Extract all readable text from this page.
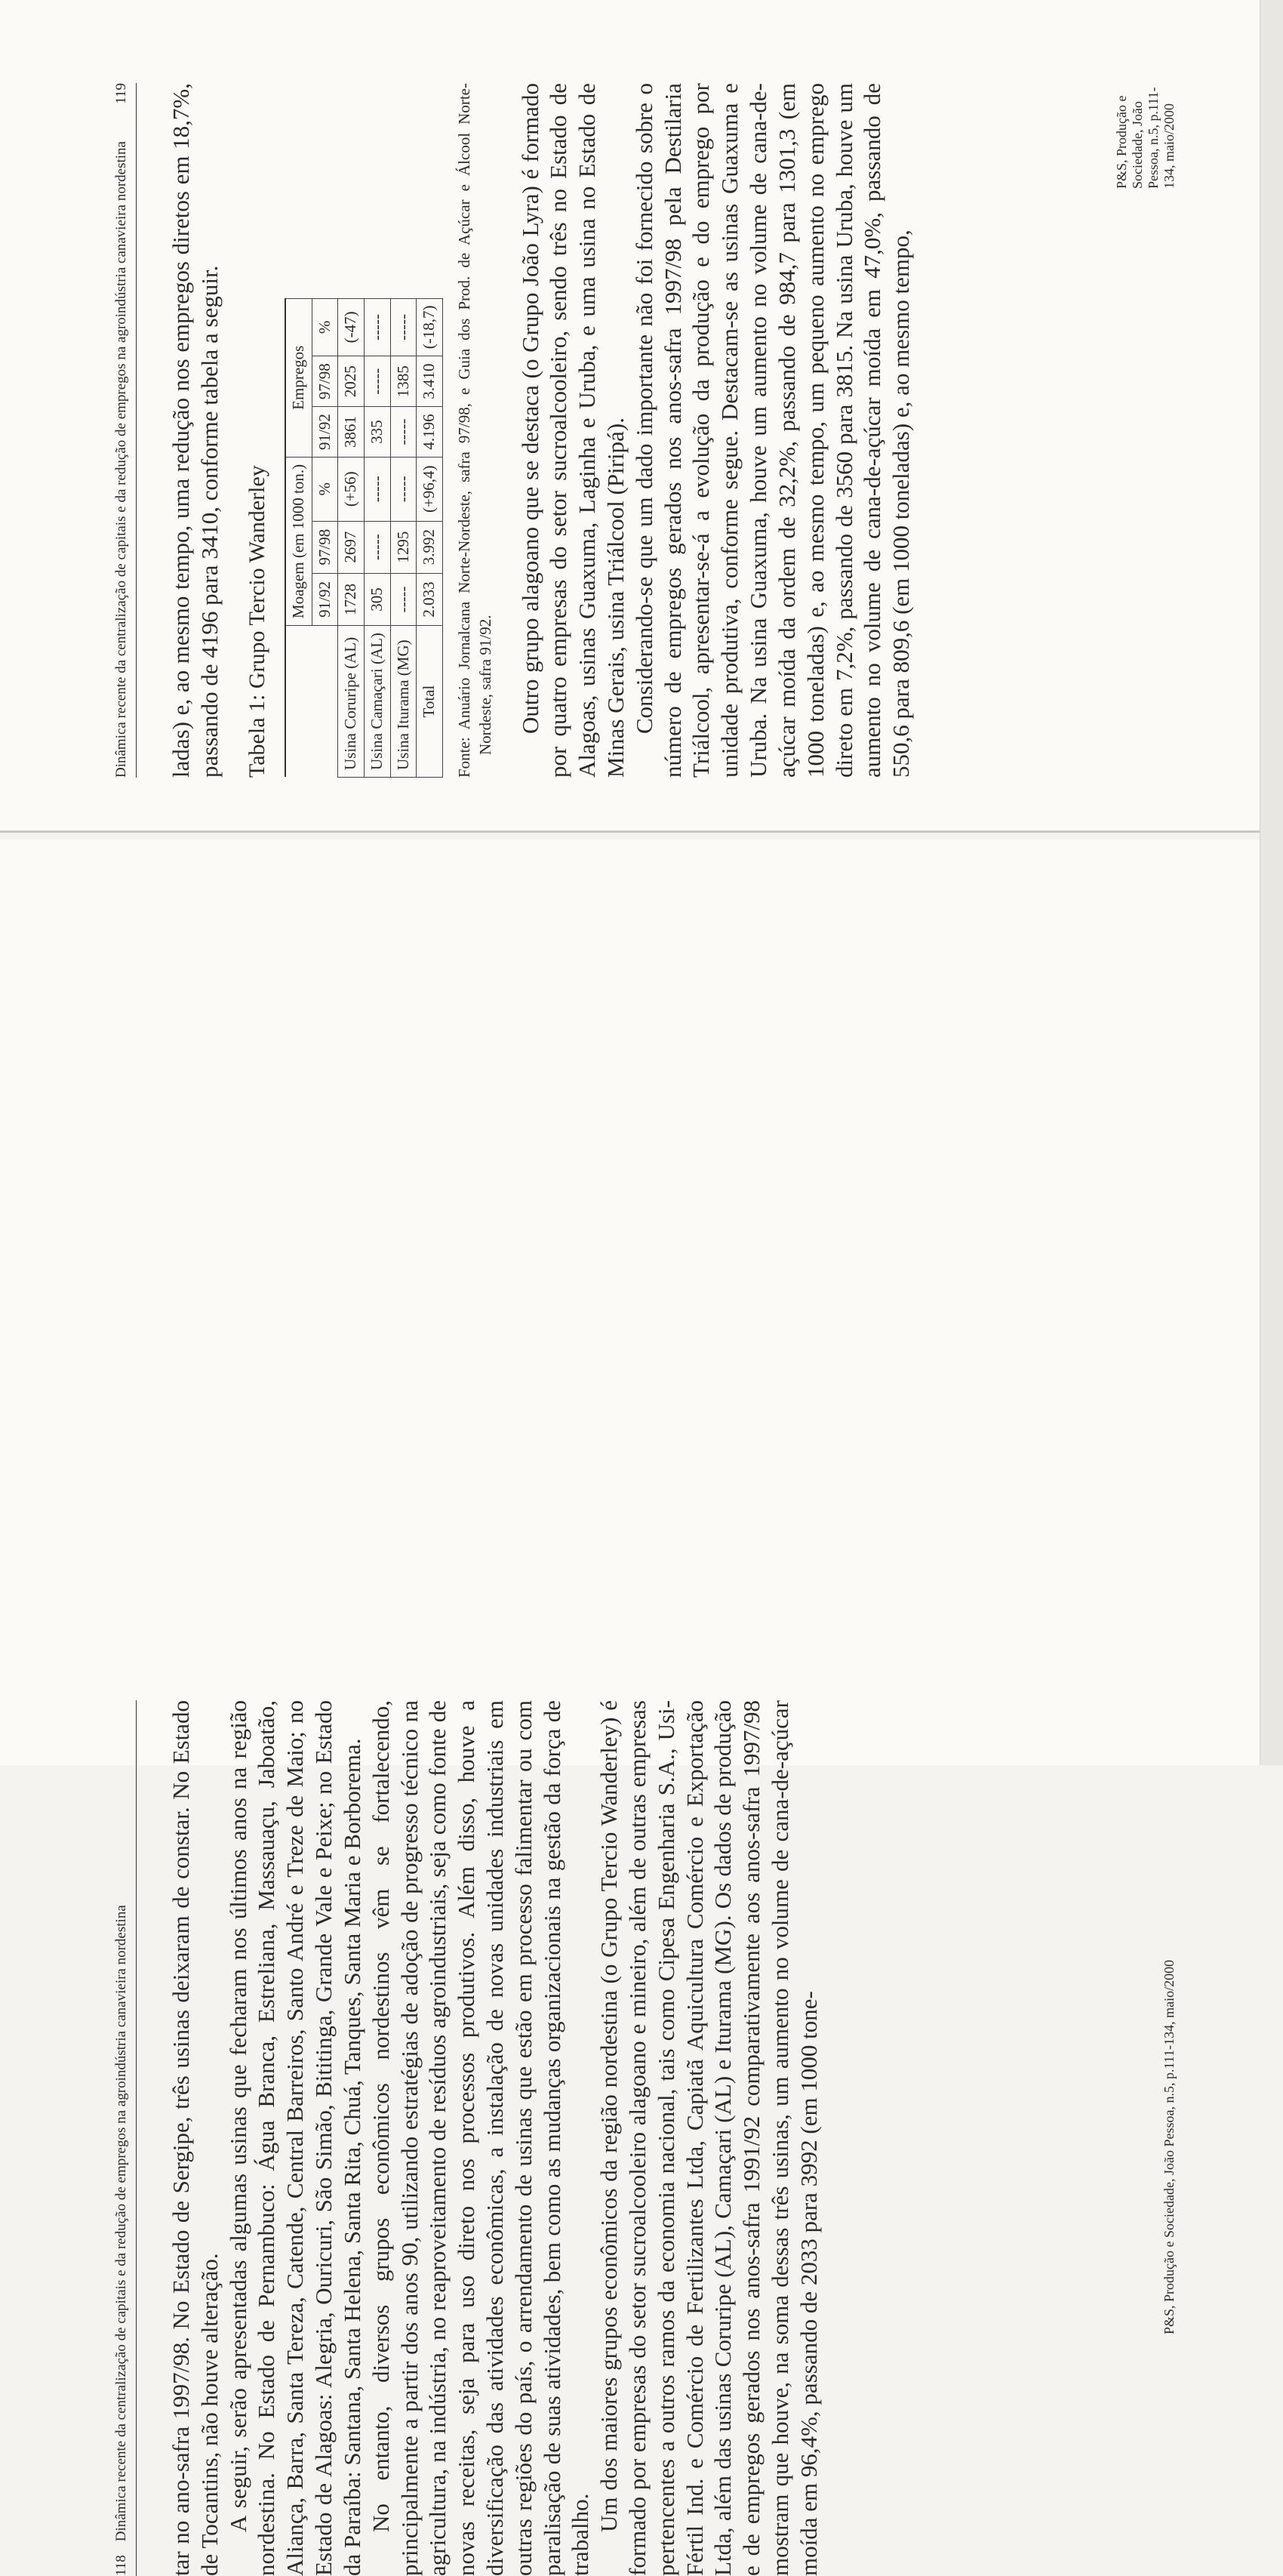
Dinâmica recente da centralização de capitais e da redução de empregos na agroindústria canavieira nordestina
119 ladas) e, ao mesmo tempo, uma redução nos empregos diretos em 18,7%, passando de 4196 para 3410, conforme tabela a seguir. Tabela 1: Grupo Tercio Wanderley
	Moagem (em 1000 ton.)			Empregos		
	91/92	97/98	%	91/92	97/98	%
Usina Coruripe (AL)	1728	2697	(+56)	3861	2025	(-47)
Usina Camaçari (AL)	305	-----	-----	335	-----	-----
Usina Iturama (MG)	-----	1295	-----	-----	1385	-----
Total	2.033	3.992	(+96,4)	4.196	3.410	(-18,7) Fonte: Anuário Jornalcana Norte-Nordeste, safra 97/98, e Guia dos Prod. de Açúcar e Álcool Norte-Nordeste, safra 91/92. Outro grupo alagoano que se destaca (o Grupo João Lyra) é formado por quatro empresas do setor sucroalcooleiro, sendo três no Estado de Alagoas, usinas Guaxuma, Laginha e Uruba, e uma usina no Estado de Minas Gerais, usina Triálcool (Piripá). Considerando-se que um dado importante não foi fornecido sobre o número de empregos gerados nos anos-safra 1997/98 pela Destilaria Triálcool, apresentar-se-á a evolução da produção e do emprego por unidade produtiva, conforme segue. Destacam-se as usinas Guaxuma e Uruba. Na usina Guaxuma, houve um aumento no volume de cana-de-açúcar moída da ordem de 32,2%, passando de 984,7 para 1301,3 (em 1000 toneladas) e, ao mesmo tempo, um pequeno aumento no emprego direto em 7,2%, passando de 3560 para 3815. Na usina Uruba, houve um aumento no volume de cana-de-açúcar moída em 47,0%, passando de 550,6 para 809,6 (em 1000 toneladas) e, ao mesmo tempo,

P&S, Produção e Sociedade, João Pessoa, n.5, p.111-134, maio/2000
118
Dinâmica recente da centralização de capitais e da redução de empregos na agroindústria canavieira nordestina tar no ano-safra 1997/98. No Estado de Sergipe, três usinas deixaram de constar. No Estado de Tocantins, não houve alteração. A seguir, serão apresentadas algumas usinas que fecharam nos últimos anos na região nordestina. No Estado de Pernambuco: Água Branca, Estreliana, Massauaçu, Jaboatão, Aliança, Barra, Santa Tereza, Catende, Central Barreiros, Santo André e Treze de Maio; no Estado de Alagoas: Alegria, Ouricuri, São Simão, Bititinga, Grande Vale e Peixe; no Estado da Paraíba: Santana, Santa Helena, Santa Rita, Chuá, Tanques, Santa Maria e Borborema. No entanto, diversos grupos econômicos nordestinos vêm se fortalecendo, principalmente a partir dos anos 90, utilizando estratégias de adoção de progresso técnico na agricultura, na indústria, no reaproveitamento de resíduos agroindustriais, seja como fonte de novas receitas, seja para uso direto nos processos produtivos. Além disso, houve a diversificação das atividades econômicas, a instalação de novas unidades industriais em outras regiões do país, o arrendamento de usinas que estão em processo falimentar ou com paralisação de suas atividades, bem como as mudanças organizacionais na gestão da força de trabalho.

Um dos maiores grupos econômicos da região nordestina (o Grupo Tercio Wanderley) é formado por empresas do setor sucroalcooleiro alagoano e mineiro, além de outras empresas pertencentes a outros ramos da economia nacional, tais como Cipesa Engenharia S.A., Usi-Fértil Ind. e Comércio de Fertilizantes Ltda, Capiatã Aquicultura Comércio e Exportação Ltda, além das usinas Coruripe (AL), Camaçari (AL) e Iturama (MG). Os dados de produção e de empregos gerados nos anos-safra 1991/92 comparativamente aos anos-safra 1997/98 mostram que houve, na soma dessas três usinas, um aumento no volume de cana-de-açúcar moída em 96,4%, passando de 2033 para 3992 (em 1000 tone-	P&S, Produção e Sociedade, João Pessoa, n.5, p.111-134, maio/2000
